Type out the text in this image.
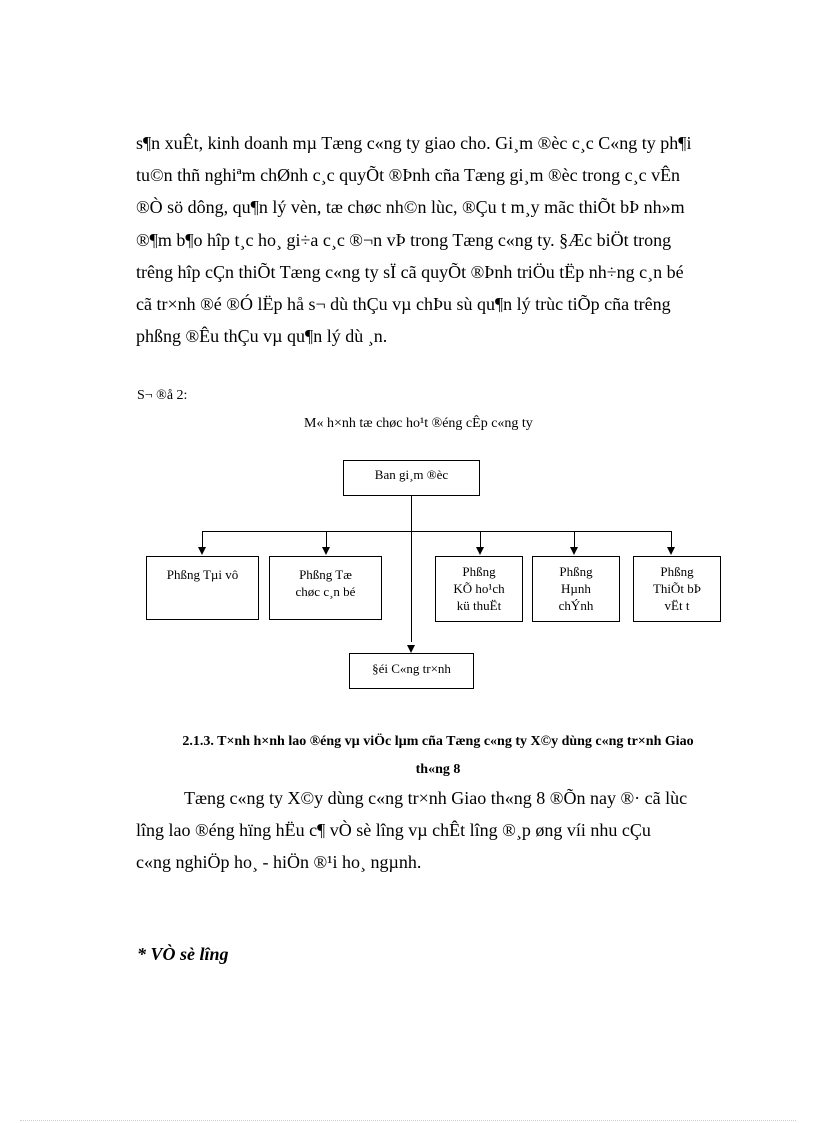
s¶n xuÊt, kinh doanh mµ Tæng c«ng ty giao cho. Gi¸m ®èc c¸c C«ng ty ph¶i
tu©n thñ nghiªm chØnh c¸c quyÕt ®Þnh cña Tæng gi¸m ®èc trong c¸c vÊn
®Ò sö dông, qu¶n lý vèn, tæ chøc nh©n lùc, ®Çu t m¸y mãc thiÕt bÞ nh»m
®¶m b¶o hîp t¸c ho¸ gi÷a c¸c ®¬n vÞ trong Tæng c«ng ty. §Æc biÖt trong
trêng hîp cÇn thiÕt Tæng c«ng ty sÏ cã quyÕt ®Þnh triÖu tËp nh÷ng c¸n bé
cã tr×nh ®é ®Ó lËp hå s¬ dù thÇu vµ chÞu sù qu¶n lý trùc tiÕp cña trêng
phßng ®Êu thÇu vµ qu¶n lý dù ¸n.
S¬ ®å 2:
M« h×nh tæ chøc ho¹t ®éng cÊp c«ng ty
Ban gi¸m ®èc
Phßng Tµi vô	Phßng Tæ
chøc c¸n bé
Phßng
KÕ ho¹ch
kü thuËt
Phßng
Hµnh
chÝnh
Phßng
ThiÕt bÞ
vËt t
§éi C«ng tr×nh
2.1.3. T×nh h×nh lao ®éng vµ viÖc lµm cña Tæng c«ng ty X©y dùng c«ng tr×nh Giao
th«ng 8
Tæng c«ng ty X©y dùng c«ng tr×nh Giao th«ng 8 ®Õn nay ®· cã lùc
lîng lao ®éng hïng hËu c¶ vÒ sè lîng vµ chÊt lîng ®¸p øng víi nhu cÇu
c«ng nghiÖp ho¸ - hiÖn ®¹i ho¸ ngµnh.
* VÒ sè lîng
